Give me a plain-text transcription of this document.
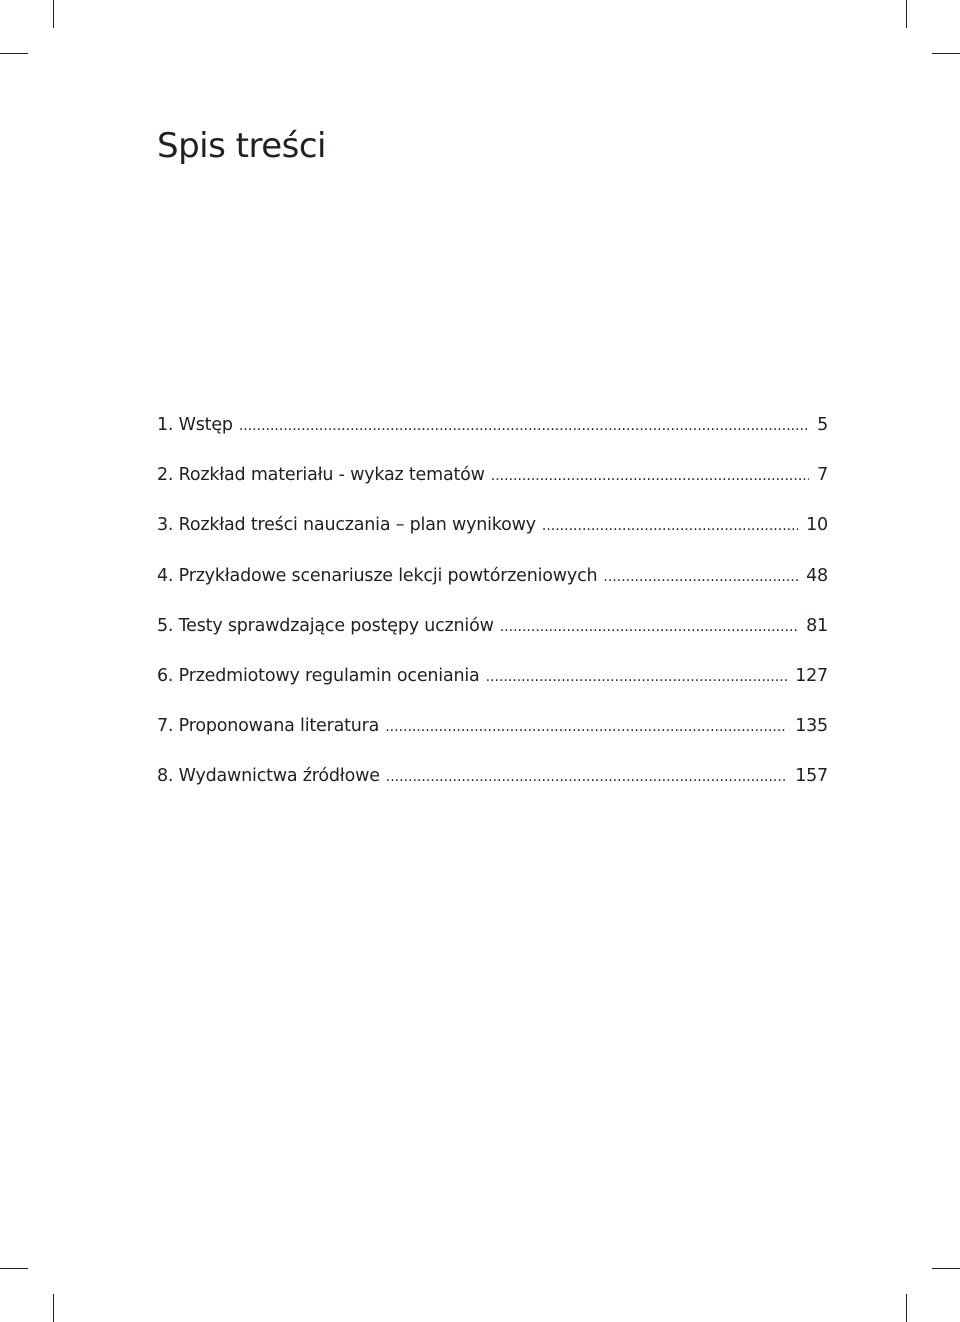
Spis treści
1. Wstęp .....	5
2. Rozkład materiału - wykaz tematów .....	7
3. Rozkład treści nauczania – plan wynikowy .....	10
4. Przykładowe scenariusze lekcji powtórzeniowych .....	48
5. Testy sprawdzające postępy uczniów .....	81
6. Przedmiotowy regulamin oceniania .....	127
7. Proponowana literatura .....	135
8. Wydawnictwa źródłowe .....	157
